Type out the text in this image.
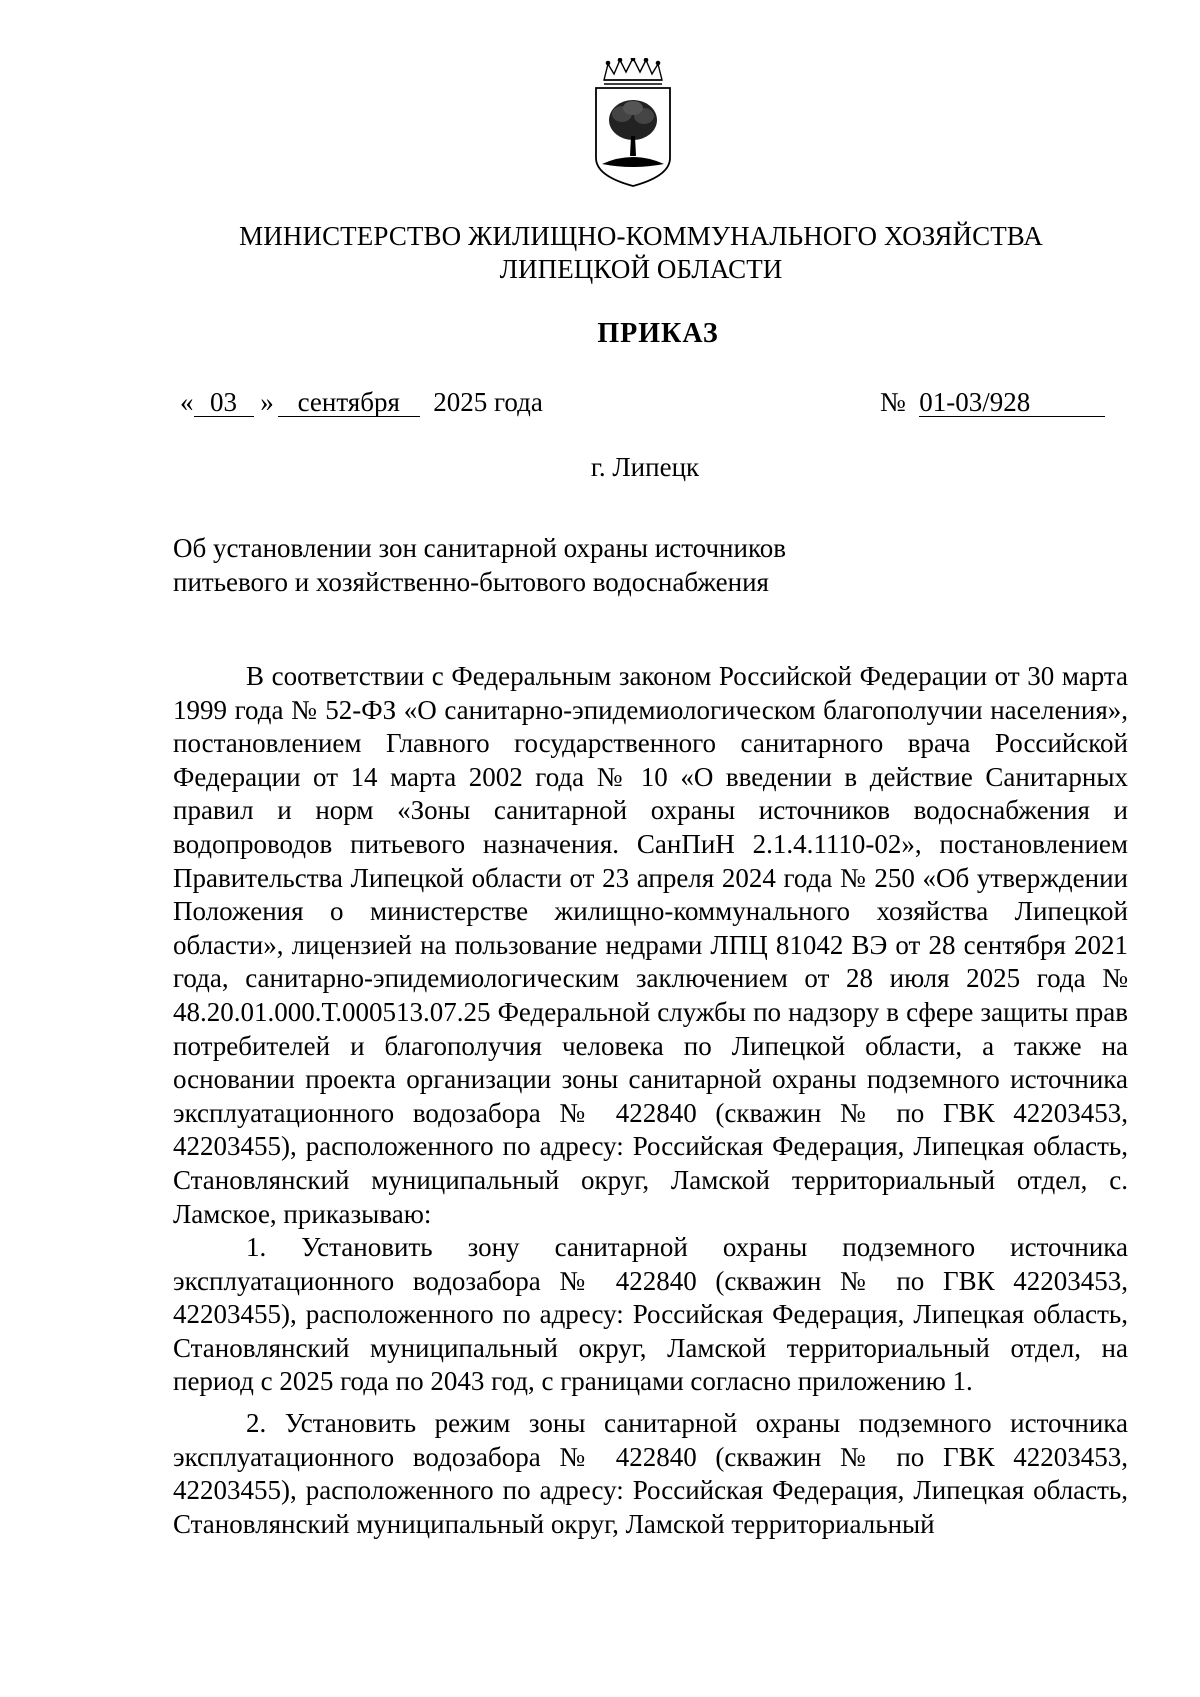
МИНИСТЕРСТВО ЖИЛИЩНО-КОММУНАЛЬНОГО ХОЗЯЙСТВА
ЛИПЕЦКОЙ ОБЛАСТИ
ПРИКАЗ
« 03 » сентября 2025 года	№ 01-03/928
г. Липецк
Об установлении зон санитарной охраны источников питьевого и хозяйственно-бытового водоснабжения

В соответствии с Федеральным законом Российской Федерации от 30 марта 1999 года № 52-ФЗ «О санитарно-эпидемиологическом благополучии населения», постановлением Главного государственного санитарного врача Российской Федерации от 14 марта 2002 года № 10 «О введении в действие Санитарных правил и норм «Зоны санитарной охраны источников водоснабжения и водопроводов питьевого назначения. СанПиН 2.1.4.1110-02», постановлением Правительства Липецкой области от 23 апреля 2024 года № 250 «Об утверждении Положения о министерстве жилищно-коммунального хозяйства Липецкой области», лицензией на пользование недрами ЛПЦ 81042 ВЭ от 28 сентября 2021 года, санитарно-эпидемиологическим заключением от 28 июля 2025 года № 48.20.01.000.Т.000513.07.25 Федеральной службы по надзору в сфере защиты прав потребителей и благополучия человека по Липецкой области, а также на основании проекта организации зоны санитарной охраны подземного источника эксплуатационного водозабора № 422840 (скважин № по ГВК 42203453, 42203455), расположенного по адресу: Российская Федерация, Липецкая область, Становлянский муниципальный округ, Ламской территориальный отдел, с. Ламское, приказываю:

1. Установить зону санитарной охраны подземного источника эксплуатационного водозабора № 422840 (скважин № по ГВК 42203453, 42203455), расположенного по адресу: Российская Федерация, Липецкая область, Становлянский муниципальный округ, Ламской территориальный отдел, на период с 2025 года по 2043 год, с границами согласно приложению 1.

2. Установить режим зоны санитарной охраны подземного источника эксплуатационного водозабора № 422840 (скважин № по ГВК 42203453, 42203455), расположенного по адресу: Российская Федерация, Липецкая область, Становлянский муниципальный округ, Ламской территориальный
